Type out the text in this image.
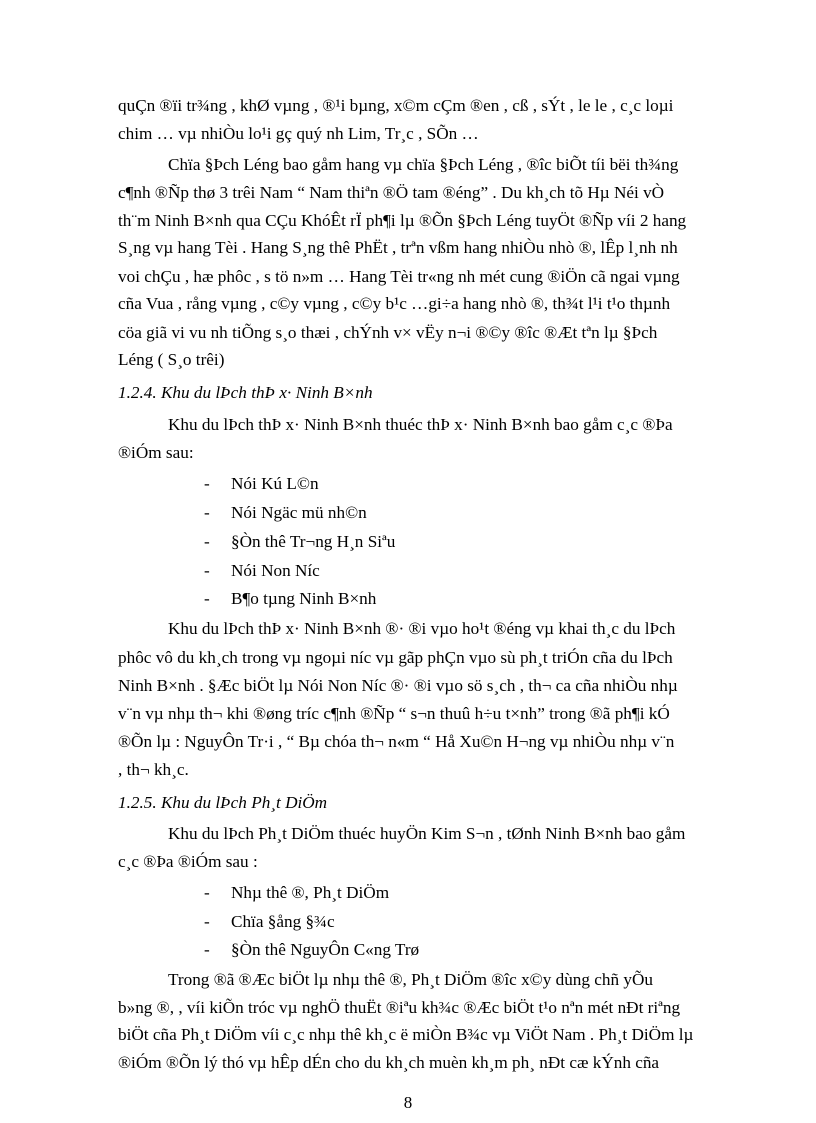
quÇn ®ïi tr¾ng , khØ vµng , ®¹i bµng, x©m cÇm ®en , cß , sÝt , le le , c¸c loµi
chim … vµ nhiÒu lo¹i gç quý nh Lim, Tr¸c , SÕn …
Chïa §Þch Léng bao gåm hang vµ chïa §Þch Léng , ®îc biÕt tíi bëi th¾ng
c¶nh ®Ñp thø 3 trêi Nam “ Nam thiªn ®Ö tam ®éng” . Du kh¸ch tõ Hµ Néi vÒ
th¨m Ninh B×nh qua CÇu KhóÊt rÏ ph¶i lµ ®Õn §Þch Léng tuyÖt ®Ñp víi 2 hang
S¸ng vµ hang Tèi . Hang S¸ng thê PhËt , trªn vßm hang nhiÒu nhò ®, lÊp l¸nh nh
voi chÇu , hæ phôc , s tö n»m … Hang Tèi tr«ng nh mét cung ®iÖn cã ngai vµng
cña Vua , rång vµng , c©y vµng , c©y b¹c …gi÷a hang nhò ®, th¾t l¹i t¹o thµnh
cöa giã vi vu nh tiÕng s¸o thæi , chÝnh v× vËy n¬i ®©y ®îc ®Æt tªn lµ §Þch
Léng ( S¸o trêi)
1.2.4. Khu du lÞch thÞ x· Ninh B×nh
Khu du lÞch thÞ x· Ninh B×nh thuéc thÞ x· Ninh B×nh bao gåm c¸c ®Þa
®iÓm sau:
- Nói Kú L©n
- Nói Ngäc mü nh©n
- §Òn thê Tr¬ng H¸n Siªu
- Nói Non Níc
- B¶o tµng Ninh B×nh
Khu du lÞch thÞ x· Ninh B×nh ®· ®i vµo ho¹t ®éng vµ khai th¸c du lÞch
phôc vô du kh¸ch trong vµ ngoµi níc vµ gãp phÇn vµo sù ph¸t triÓn cña du lÞch
Ninh B×nh . §Æc biÖt lµ Nói Non Níc ®· ®i vµo sö s¸ch , th¬ ca cña nhiÒu nhµ
v¨n vµ nhµ th¬ khi ®øng tríc c¶nh ®Ñp “ s¬n thuû h÷u t×nh” trong ®ã ph¶i kÓ
®Õn lµ : NguyÔn Tr·i , “ Bµ chóa th¬ n«m “ Hå Xu©n H¬ng vµ nhiÒu nhµ v¨n
, th¬ kh¸c.
1.2.5. Khu du lÞch Ph¸t DiÖm
Khu du lÞch Ph¸t DiÖm thuéc huyÖn Kim S¬n , tØnh Ninh B×nh bao gåm
c¸c ®Þa ®iÓm sau :
- Nhµ thê ®, Ph¸t DiÖm
- Chïa §ång §¾c
- §Òn thê NguyÔn C«ng Trø
Trong ®ã ®Æc biÖt lµ nhµ thê ®, Ph¸t DiÖm ®îc x©y dùng chñ yÕu
b»ng ®, , víi kiÕn tróc vµ nghÖ thuËt ®iªu kh¾c ®Æc biÖt t¹o nªn mét nÐt riªng
biÖt cña Ph¸t DiÖm víi c¸c nhµ thê kh¸c ë miÒn B¾c vµ ViÖt Nam . Ph¸t DiÖm lµ
®iÓm ®Õn lý thó vµ hÊp dÉn cho du kh¸ch muèn kh¸m ph¸ nÐt cæ kÝnh cña
8
